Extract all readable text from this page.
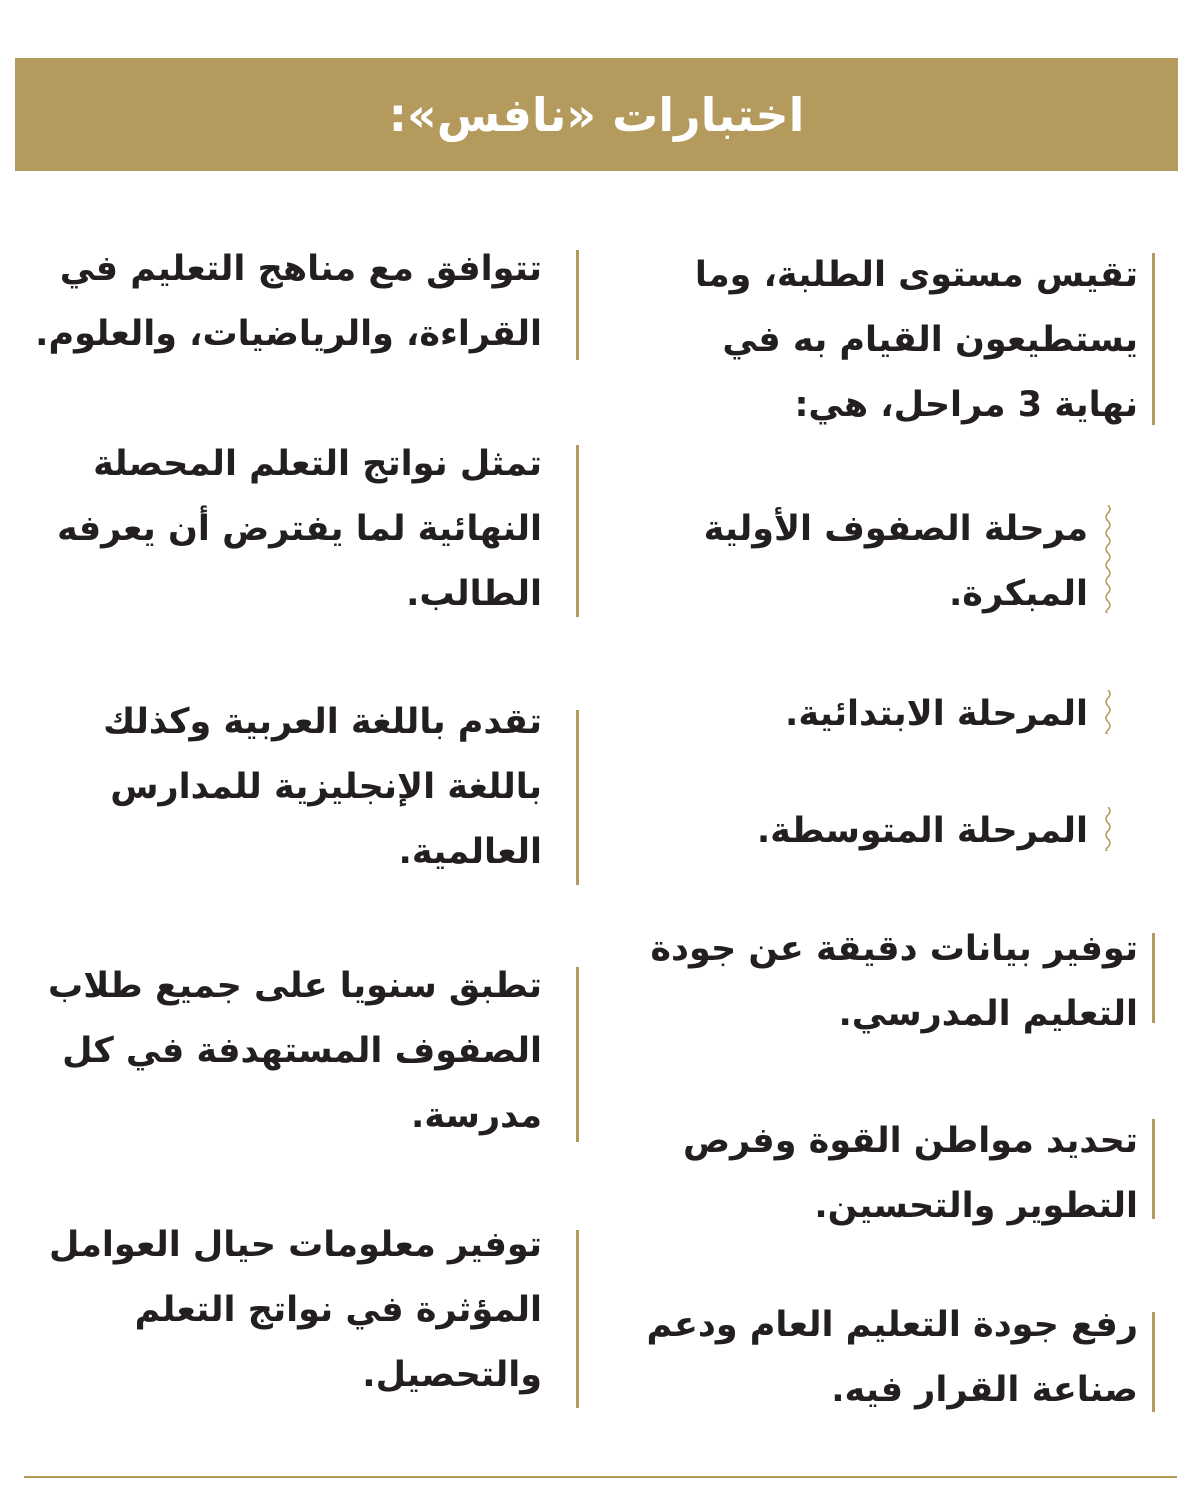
اختبارات «نافس»:
تقيس مستوى الطلبة، وما
يستطيعون القيام به في
نهاية 3 مراحل، هي:
مرحلة الصفوف الأولية
المبكرة.
المرحلة الابتدائية.
المرحلة المتوسطة.
توفير بيانات دقيقة عن جودة
التعليم المدرسي.
تحديد مواطن القوة وفرص
التطوير والتحسين.
رفع جودة التعليم العام ودعم
صناعة القرار فيه.
تتوافق مع مناهج التعليم في
القراءة، والرياضيات، والعلوم.
تمثل نواتج التعلم المحصلة
النهائية لما يفترض أن يعرفه
الطالب.
تقدم باللغة العربية وكذلك
باللغة الإنجليزية للمدارس
العالمية.
تطبق سنويا على جميع طلاب
الصفوف المستهدفة في كل
مدرسة.
توفير معلومات حيال العوامل
المؤثرة في نواتج التعلم
والتحصيل.
